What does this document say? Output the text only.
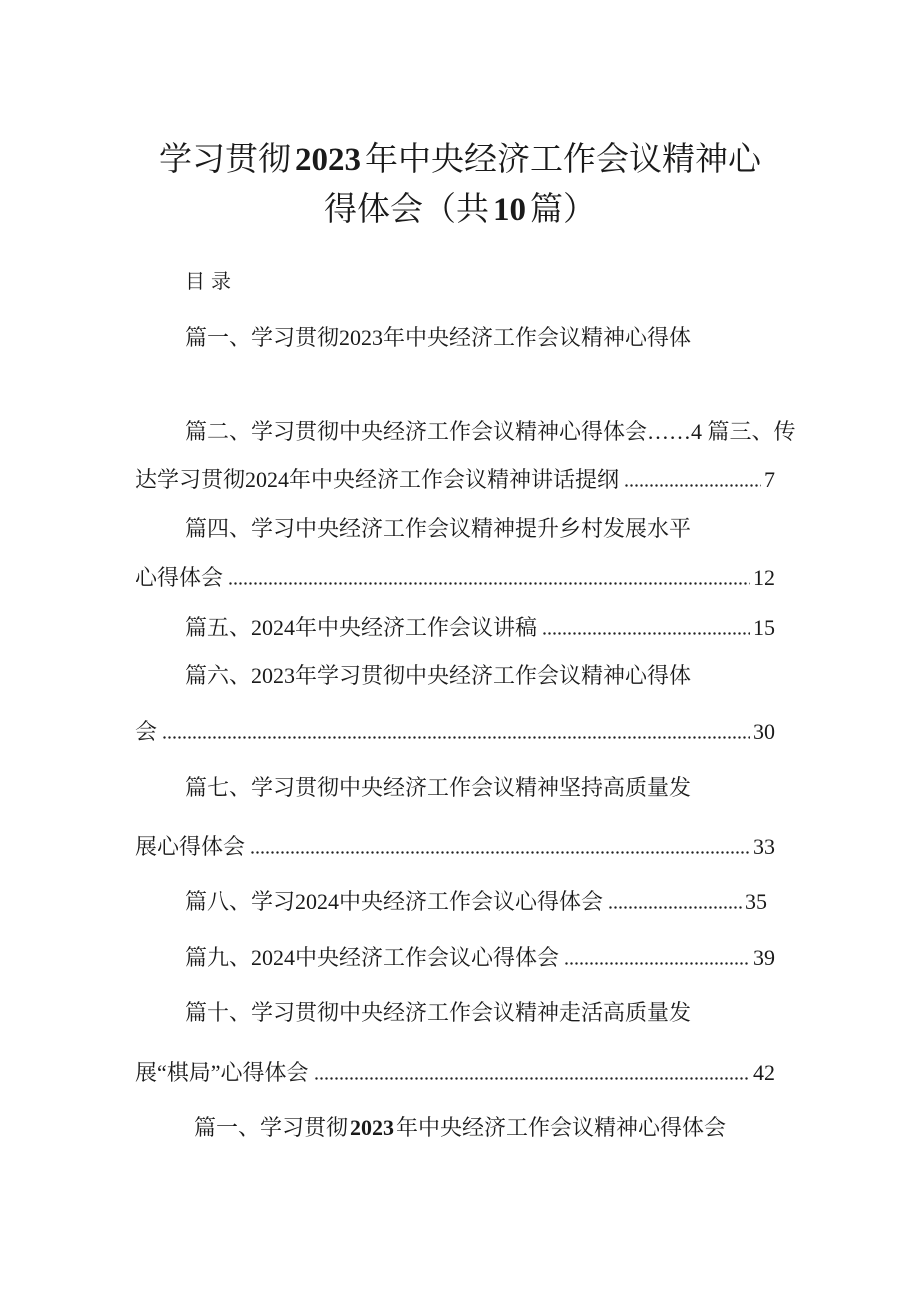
学习贯彻 2023 年中央经济工作会议精神心
得体会（共 10 篇）
目录
篇一、学习贯彻2023年中央经济工作会议精神心得体
篇二、学习贯彻中央经济工作会议精神心得体会……4 篇三、传
达学习贯彻2024年中央经济工作会议精神讲话提纲	7
篇四、学习中央经济工作会议精神提升乡村发展水平
心得体会	12
篇五、2024年中央经济工作会议讲稿	15
篇六、2023年学习贯彻中央经济工作会议精神心得体
会	30
篇七、学习贯彻中央经济工作会议精神坚持高质量发
展心得体会	33
篇八、学习2024中央经济工作会议心得体会	35
篇九、2024中央经济工作会议心得体会	39
篇十、学习贯彻中央经济工作会议精神走活高质量发
展“棋局”心得体会	42
篇一、学习贯彻2023年中央经济工作会议精神心得体会
